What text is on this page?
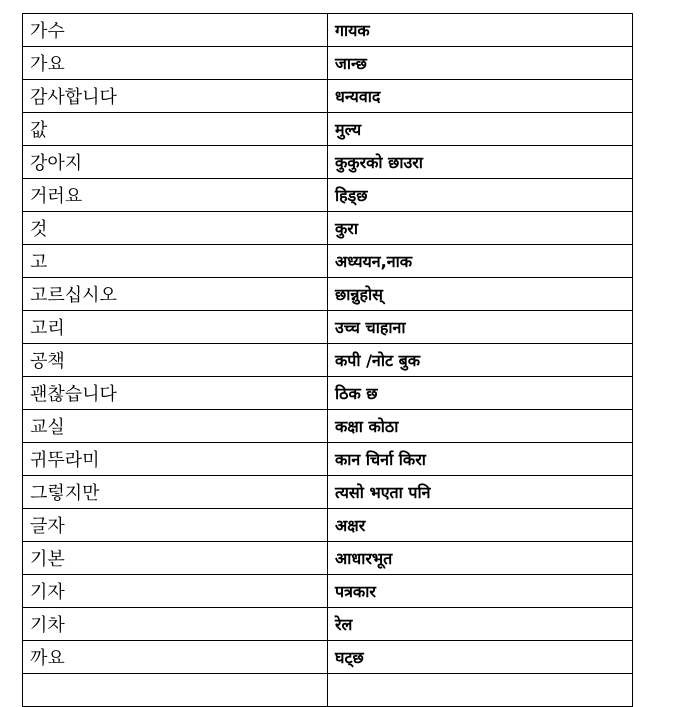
가수	गायक
가요	जान्छ
감사합니다	धन्यवाद
값	मुल्य
강아지	कुकुरको छाउरा
거러요	हिड्छ
것	कुरा
고	अध्ययन,नाक
고르십시오	छान्नुहोस्
고리	उच्च चाहाना
공책	कपी /नोट बुक
괜찮습니다	ठिक छ
교실	कक्षा कोठा
귀뚜라미	कान चिर्ना किरा
그렇지만	त्यसो भएता पनि
글자	अक्षर
기본	आधारभूत
기자	पत्रकार
기차	रेल
까요	घट्छ
